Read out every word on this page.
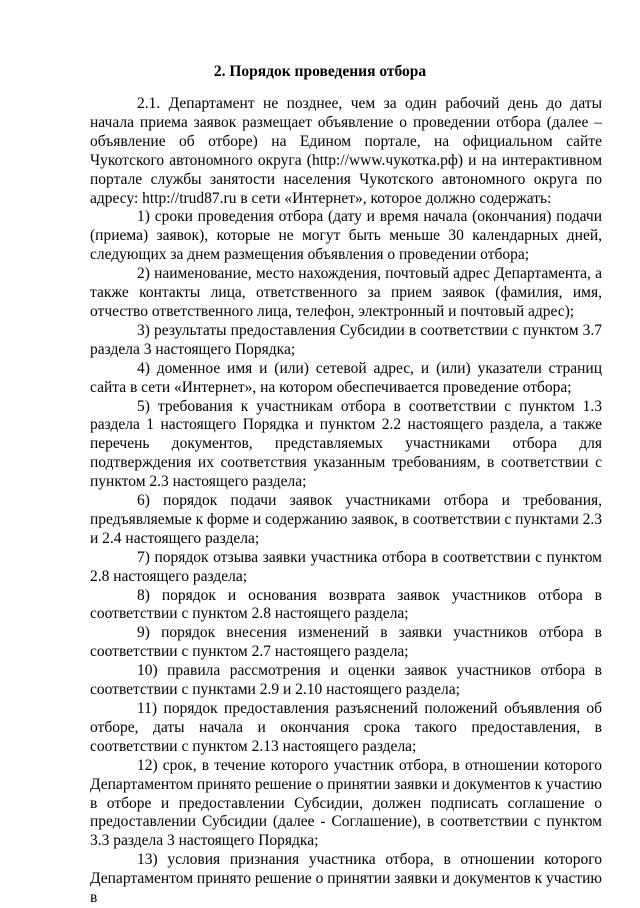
2. Порядок проведения отбора

2.1. Департамент не позднее, чем за один рабочий день до даты начала приема заявок размещает объявление о проведении отбора (далее – объявление об отборе) на Едином портале, на официальном сайте Чукотского автономного округа (http://www.чукотка.рф) и на интерактивном портале службы занятости населения Чукотского автономного округа по адресу: http://trud87.ru в сети «Интернет», которое должно содержать:

1) сроки проведения отбора (дату и время начала (окончания) подачи (приема) заявок), которые не могут быть меньше 30 календарных дней, следующих за днем размещения объявления о проведении отбора;

2) наименование, место нахождения, почтовый адрес Департамента, а также контакты лица, ответственного за прием заявок (фамилия, имя, отчество ответственного лица, телефон, электронный и почтовый адрес);

3) результаты предоставления Субсидии в соответствии с пунктом 3.7 раздела 3 настоящего Порядка;

4) доменное имя и (или) сетевой адрес, и (или) указатели страниц сайта в сети «Интернет», на котором обеспечивается проведение отбора;

5) требования к участникам отбора в соответствии с пунктом 1.3 раздела 1 настоящего Порядка и пунктом 2.2 настоящего раздела, а также перечень документов, представляемых участниками отбора для подтверждения их соответствия указанным требованиям, в соответствии с пунктом 2.3 настоящего раздела;

6) порядок подачи заявок участниками отбора и требования, предъявляемые к форме и содержанию заявок, в соответствии с пунктами 2.3 и 2.4 настоящего раздела;

7) порядок отзыва заявки участника отбора в соответствии с пунктом 2.8 настоящего раздела;

8) порядок и основания возврата заявок участников отбора в соответствии с пунктом 2.8 настоящего раздела;

9) порядок внесения изменений в заявки участников отбора в соответствии с пунктом 2.7 настоящего раздела;

10) правила рассмотрения и оценки заявок участников отбора в соответствии с пунктами 2.9 и 2.10 настоящего раздела;

11) порядок предоставления разъяснений положений объявления об отборе, даты начала и окончания срока такого предоставления, в соответствии с пунктом 2.13 настоящего раздела;

12) срок, в течение которого участник отбора, в отношении которого Департаментом принято решение о принятии заявки и документов к участию в отборе и предоставлении Субсидии, должен подписать соглашение о предоставлении Субсидии (далее - Соглашение), в соответствии с пунктом 3.3 раздела 3 настоящего Порядка;

13) условия признания участника отбора, в отношении которого Департаментом принято решение о принятии заявки и документов к участию в
